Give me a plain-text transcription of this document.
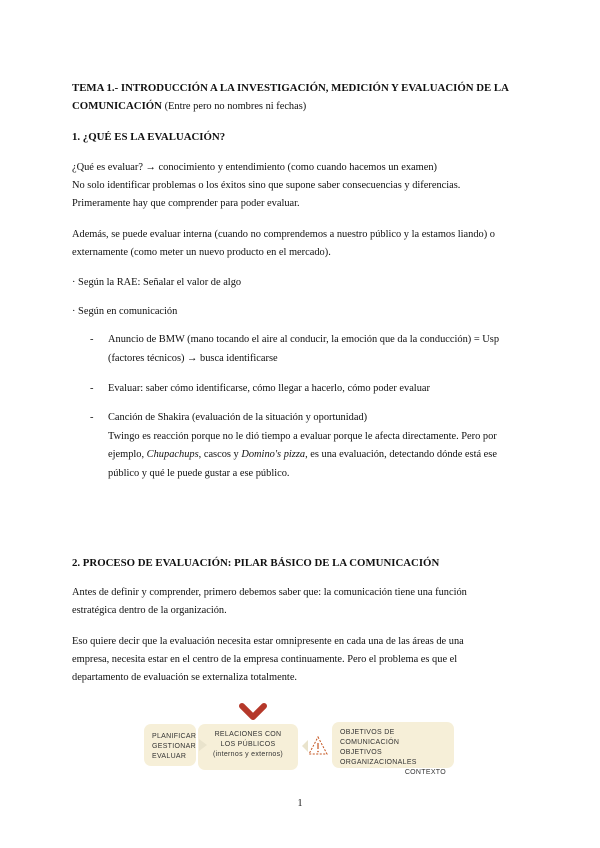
TEMA 1.- INTRODUCCIÓN A LA INVESTIGACIÓN, MEDICIÓN Y EVALUACIÓN DE LA

COMUNICACIÓN (Entre pero no nombres ni fechas)

1. ¿QUÉ ES LA EVALUACIÓN?

¿Qué es evaluar? → conocimiento y entendimiento (como cuando hacemos un examen)

No solo identificar problemas o los éxitos sino que supone saber consecuencias y diferencias.

Primeramente hay que comprender para poder evaluar.

Además, se puede evaluar interna (cuando no comprendemos a nuestro público y la estamos liando) o

externamente (como meter un nuevo producto en el mercado).

· Según la RAE: Señalar el valor de algo

· Según en comunicación

- Anuncio de BMW (mano tocando el aire al conducir, la emoción que da la conducción) = Usp

(factores técnicos) → busca identificarse

- Evaluar: saber cómo identificarse, cómo llegar a hacerlo, cómo poder evaluar

- Canción de Shakira (evaluación de la situación y oportunidad)

Twingo es reacción porque no le dió tiempo a evaluar porque le afecta directamente. Pero por

ejemplo, Chupachups, cascos y Domino's pizza, es una evaluación, detectando dónde está ese

público y qué le puede gustar a ese público.

2. PROCESO DE EVALUACIÓN: PILAR BÁSICO DE LA COMUNICACIÓN

Antes de definir y comprender, primero debemos saber que: la comunicación tiene una función

estratégica dentro de la organización.

Eso quiere decir que la evaluación necesita estar omnipresente en cada una de las áreas de una

empresa, necesita estar en el centro de la empresa continuamente. Pero el problema es que el

departamento de evaluación se externaliza totalmente.

PLANIFICAR
GESTIONAR
EVALUAR
RELACIONES CON
LOS PÚBLICOS
(internos y externos)
OBJETIVOS DE COMUNICACIÓN
OBJETIVOS ORGANIZACIONALES
CONTEXTO
1
